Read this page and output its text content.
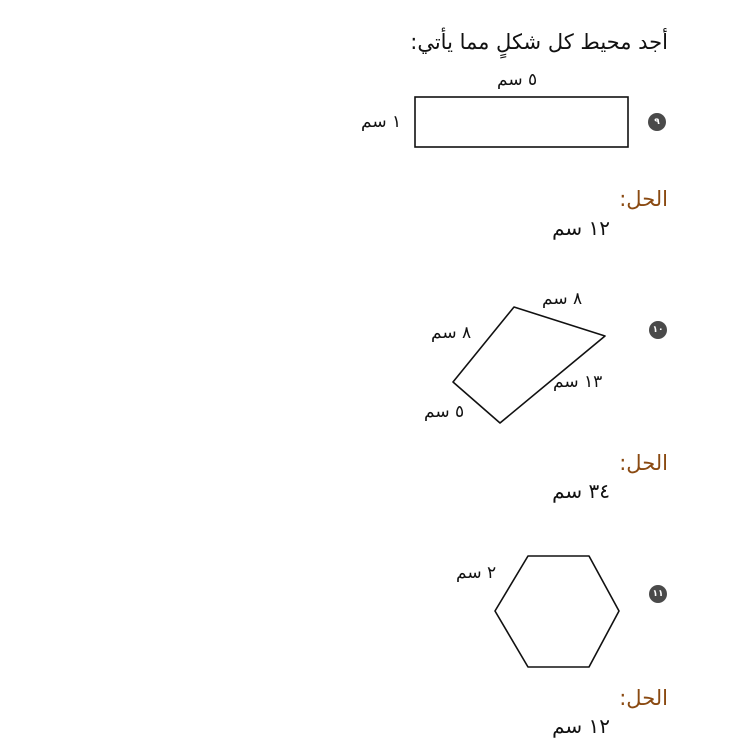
أجد محيط كل شكلٍ مما يأتي:
٩
٥ سم
١ سم
الحل:
١٢ سم
١٠
٨ سم
٨ سم
١٣ سم
٥ سم
الحل:
٣٤ سم
١١
٢ سم
الحل:
١٢ سم
